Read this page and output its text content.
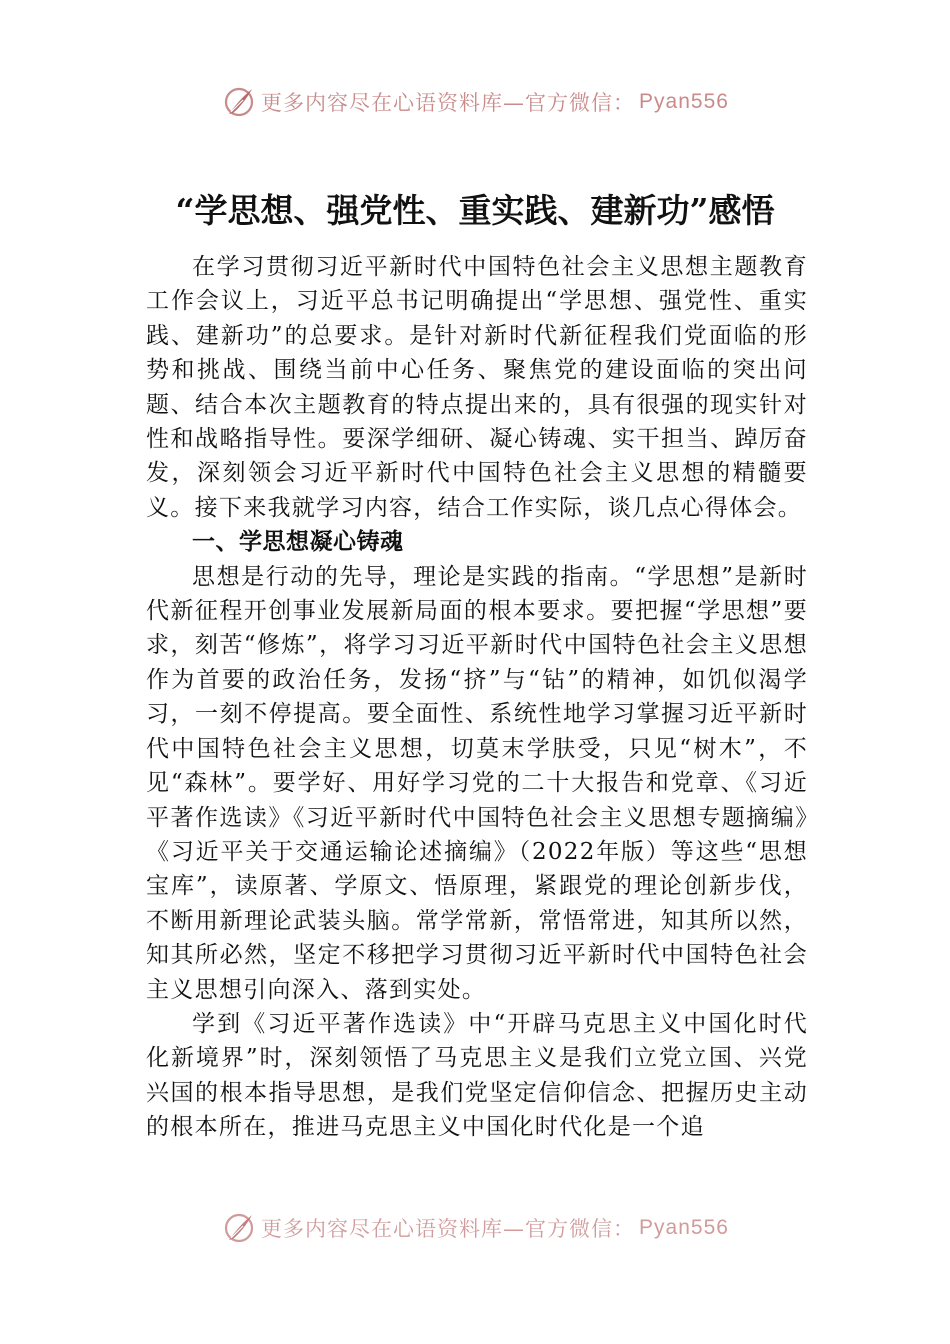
更多内容尽在心语资料库—官方微信： Pyan556
“学思想、强党性、重实践、建新功”感悟

在学习贯彻习近平新时代中国特色社会主义思想主题教育工作会议上，习近平总书记明确提出“学思想、强党性、重实践、建新功”的总要求。是针对新时代新征程我们党面临的形势和挑战、围绕当前中心任务、聚焦党的建设面临的突出问题、结合本次主题教育的特点提出来的，具有很强的现实针对性和战略指导性。要深学细研、凝心铸魂、实干担当、踔厉奋发，深刻领会习近平新时代中国特色社会主义思想的精髓要义。接下来我就学习内容，结合工作实际，谈几点心得体会。

一、学思想凝心铸魂

思想是行动的先导，理论是实践的指南。“学思想”是新时代新征程开创事业发展新局面的根本要求。要把握“学思想”要求，刻苦“修炼”，将学习习近平新时代中国特色社会主义思想作为首要的政治任务，发扬“挤”与“钻”的精神，如饥似渴学习，一刻不停提高。要全面性、系统性地学习掌握习近平新时代中国特色社会主义思想，切莫末学肤受，只见“树木”，不见“森林”。要学好、用好学习党的二十大报告和党章、《习近平著作选读》《习近平新时代中国特色社会主义思想专题摘编》《习近平关于交通运输论述摘编》（2022年版）等这些“思想宝库”，读原著、学原文、悟原理，紧跟党的理论创新步伐，不断用新理论武装头脑。常学常新，常悟常进，知其所以然，知其所必然，坚定不移把学习贯彻习近平新时代中国特色社会主义思想引向深入、落到实处。

学到《习近平著作选读》中“开辟马克思主义中国化时代化新境界”时，深刻领悟了马克思主义是我们立党立国、兴党兴国的根本指导思想，是我们党坚定信仰信念、把握历史主动的根本所在，推进马克思主义中国化时代化是一个追

更多内容尽在心语资料库—官方微信： Pyan556
